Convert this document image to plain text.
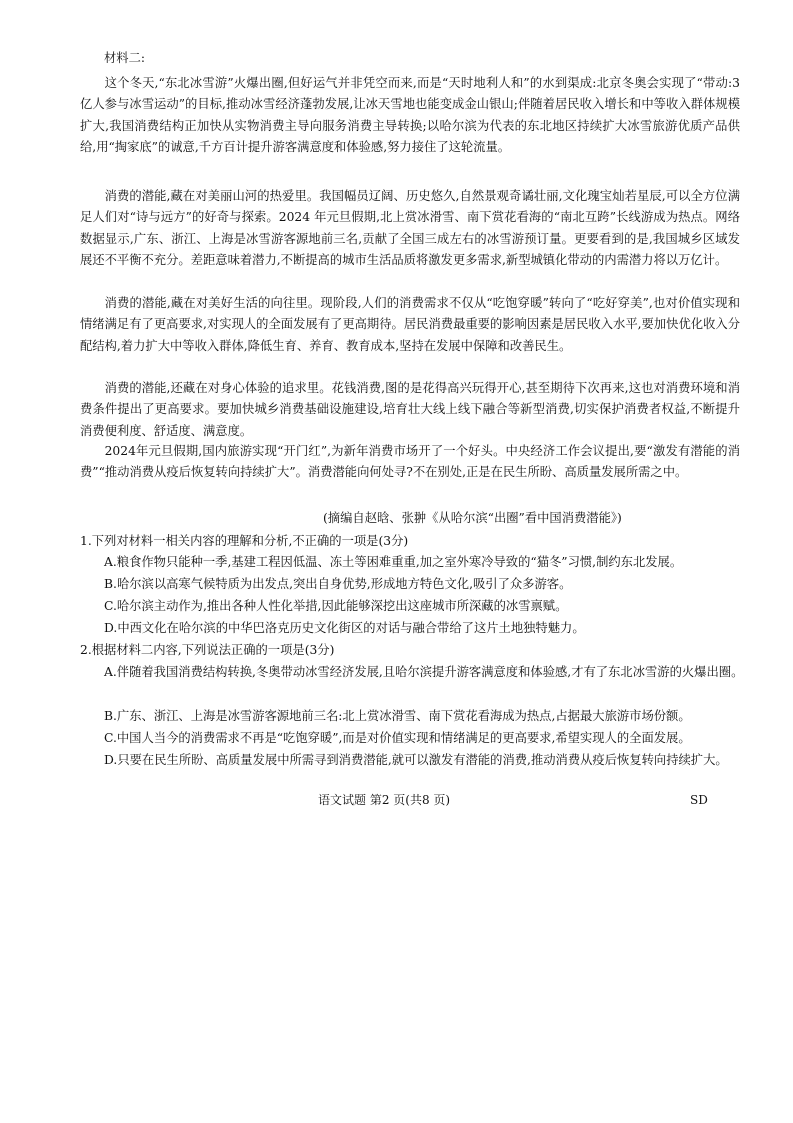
材料二:
这个冬天,“东北冰雪游”火爆出圈,但好运气并非凭空而来,而是“天时地利人和”的水到渠成:北京冬奥会实现了“带动:3 亿人参与冰雪运动”的目标,推动冰雪经济蓬勃发展,让冰天雪地也能变成金山银山;伴随着居民收入增长和中等收入群体规模扩大,我国消费结构正加快从实物消费主导向服务消费主导转换;以哈尔滨为代表的东北地区持续扩大冰雪旅游优质产品供给,用“掏家底”的诚意,千方百计提升游客满意度和体验感,努力接住了这轮流量。
消费的潜能,藏在对美丽山河的热爱里。我国幅员辽阔、历史悠久,自然景观奇谲壮丽,文化瑰宝灿若星辰,可以全方位满足人们对“诗与远方”的好奇与探索。2024 年元旦假期,北上赏冰滑雪、南下赏花看海的“南北互跨”长线游成为热点。网络数据显示,广东、浙江、上海是冰雪游客源地前三名,贡献了全国三成左右的冰雪游预订量。更要看到的是,我国城乡区域发展还不平衡不充分。差距意味着潜力,不断提高的城市生活品质将激发更多需求,新型城镇化带动的内需潜力将以万亿计。
消费的潜能,藏在对美好生活的向往里。现阶段,人们的消费需求不仅从“吃饱穿暖”转向了“吃好穿美”,也对价值实现和情绪满足有了更高要求,对实现人的全面发展有了更高期待。居民消费最重要的影响因素是居民收入水平,要加快优化收入分配结构,着力扩大中等收入群体,降低生育、养育、教育成本,坚持在发展中保障和改善民生。
消费的潜能,还藏在对身心体验的追求里。花钱消费,图的是花得高兴玩得开心,甚至期待下次再来,这也对消费环境和消费条件提出了更高要求。要加快城乡消费基础设施建设,培育壮大线上线下融合等新型消费,切实保护消费者权益,不断提升消费便利度、舒适度、满意度。
2024年元旦假期,国内旅游实现“开门红”,为新年消费市场开了一个好头。中央经济工作会议提出,要“激发有潜能的消费”“推动消费从疫后恢复转向持续扩大”。消费潜能向何处寻?不在别处,正是在民生所盼、高质量发展所需之中。
(摘编自赵晗、张翀《从哈尔滨“出圈”看中国消费潜能》)
1.下列对材料一相关内容的理解和分析,不正确的一项是(3分)
A.粮食作物只能种一季,基建工程因低温、冻土等困难重重,加之室外寒冷导致的“猫冬”习惯,制约东北发展。
B.哈尔滨以高寒气候特质为出发点,突出自身优势,形成地方特色文化,吸引了众多游客。
C.哈尔滨主动作为,推出各种人性化举措,因此能够深挖出这座城市所深藏的冰雪禀赋。
D.中西文化在哈尔滨的中华巴洛克历史文化街区的对话与融合带给了这片土地独特魅力。
2.根据材料二内容,下列说法正确的一项是(3分)
A.伴随着我国消费结构转换,冬奥带动冰雪经济发展,且哈尔滨提升游客满意度和体验感,才有了东北冰雪游的火爆出圈。
B.广东、浙江、上海是冰雪游客源地前三名:北上赏冰滑雪、南下赏花看海成为热点,占据最大旅游市场份额。
C.中国人当今的消费需求不再是“吃饱穿暖”,而是对价值实现和情绪满足的更高要求,希望实现人的全面发展。
D.只要在民生所盼、高质量发展中所需寻到消费潜能,就可以激发有潜能的消费,推动消费从疫后恢复转向持续扩大。
语文试题 第2 页(共8 页)	SD
